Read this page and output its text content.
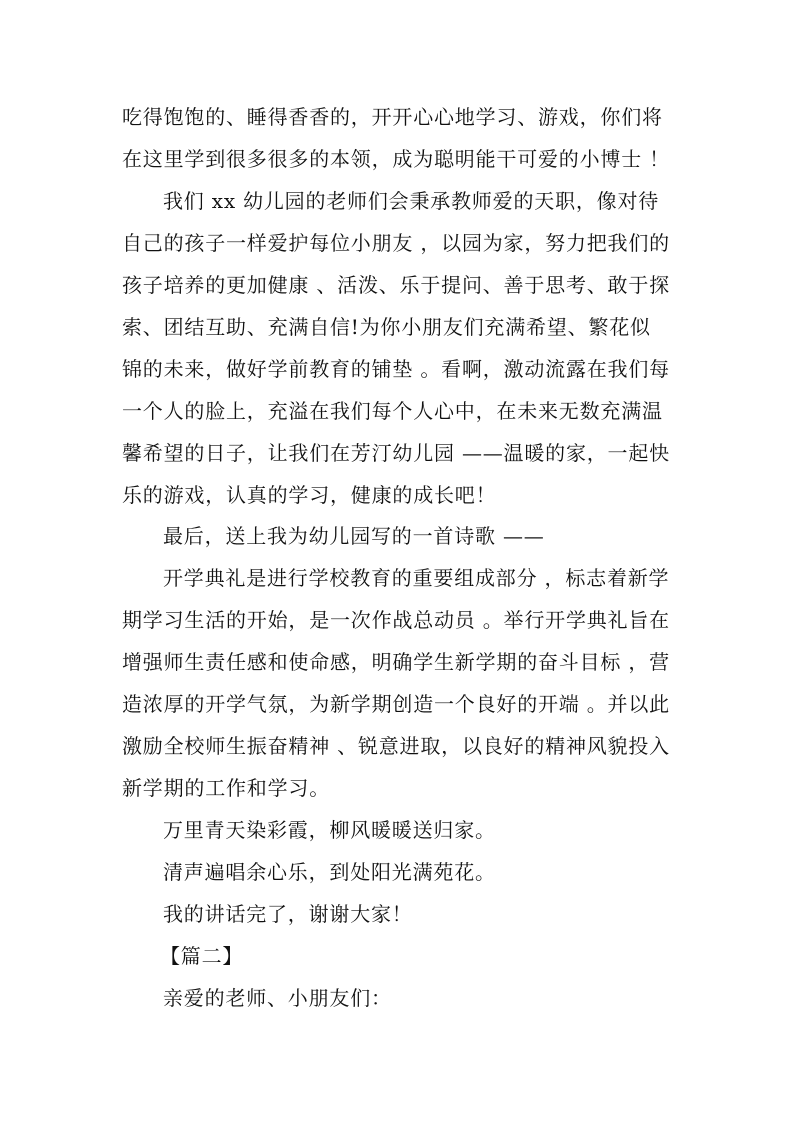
吃得饱饱的、睡得香香的，开开心心地学习、游戏，你们将
在这里学到很多很多的本领，成为聪明能干可爱的小博士 ！
我们 xx 幼儿园的老师们会秉承教师爱的天职，像对待
自己的孩子一样爱护每位小朋友 ，以园为家，努力把我们的
孩子培养的更加健康 、活泼、乐于提问、善于思考、敢于探
索、团结互助、充满自信!为你小朋友们充满希望、繁花似
锦的未来，做好学前教育的铺垫 。看啊，激动流露在我们每
一个人的脸上，充溢在我们每个人心中，在未来无数充满温
馨希望的日子，让我们在芳汀幼儿园 ——温暖的家，一起快
乐的游戏，认真的学习，健康的成长吧！
最后，送上我为幼儿园写的一首诗歌 ——
开学典礼是进行学校教育的重要组成部分 ，标志着新学
期学习生活的开始，是一次作战总动员 。举行开学典礼旨在
增强师生责任感和使命感，明确学生新学期的奋斗目标 ，营
造浓厚的开学气氛，为新学期创造一个良好的开端 。并以此
激励全校师生振奋精神 、锐意进取，以良好的精神风貌投入
新学期的工作和学习。
万里青天染彩霞，柳风暖暖送归家。
清声遍唱余心乐，到处阳光满苑花。
我的讲话完了，谢谢大家！
【篇二】
亲爱的老师、小朋友们：
